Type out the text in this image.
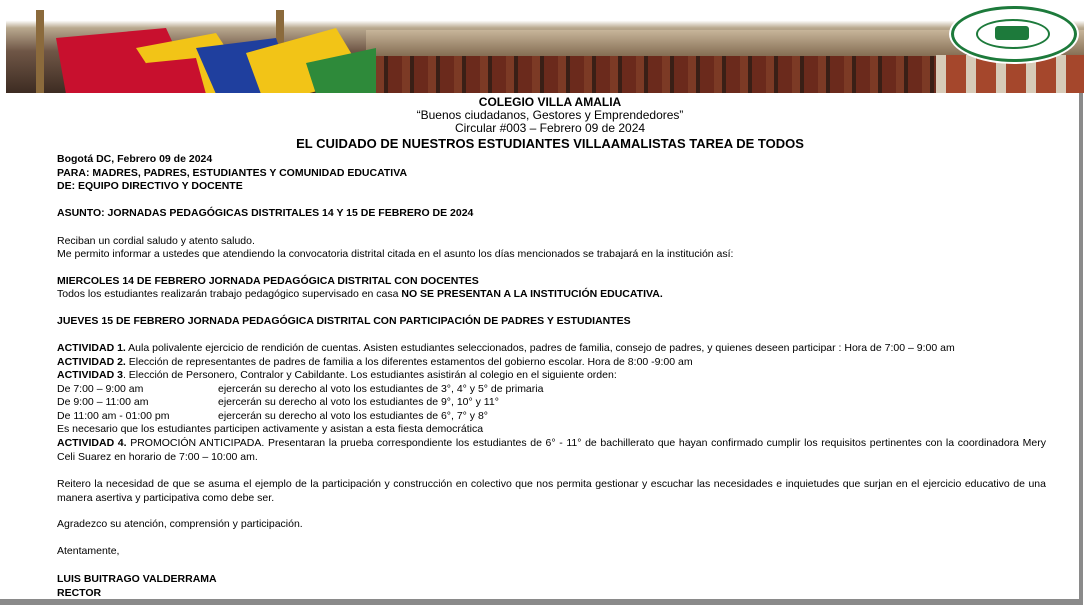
COLEGIO VILLA AMALIA
“Buenos ciudadanos, Gestores y Emprendedores”
Circular #003 – Febrero 09 de 2024
EL CUIDADO DE NUESTROS ESTUDIANTES VILLAAMALISTAS TAREA DE TODOS
Bogotá DC, Febrero 09 de 2024
PARA: MADRES, PADRES, ESTUDIANTES Y COMUNIDAD EDUCATIVA
DE: EQUIPO DIRECTIVO Y DOCENTE
ASUNTO: JORNADAS PEDAGÓGICAS DISTRITALES 14 Y 15 DE FEBRERO DE 2024
Reciban un cordial saludo y atento saludo.
Me permito informar a ustedes que atendiendo la convocatoria distrital citada en el asunto los días mencionados se trabajará en la institución así:
MIERCOLES 14 DE FEBRERO JORNADA PEDAGÓGICA DISTRITAL CON DOCENTES
Todos los estudiantes realizarán trabajo pedagógico supervisado en casa NO SE PRESENTAN A LA INSTITUCIÓN EDUCATIVA.
JUEVES 15 DE FEBRERO JORNADA PEDAGÓGICA DISTRITAL CON PARTICIPACIÓN DE PADRES Y ESTUDIANTES
ACTIVIDAD 1. Aula polivalente ejercicio de rendición de cuentas. Asisten estudiantes seleccionados, padres de familia, consejo de padres, y quienes deseen participar : Hora de 7:00 – 9:00 am
ACTIVIDAD 2. Elección de representantes de padres de familia a los diferentes estamentos del gobierno escolar. Hora de 8:00 -9:00 am
ACTIVIDAD 3. Elección de Personero, Contralor y Cabildante. Los estudiantes asistirán al colegio en el siguiente orden:
De 7:00 – 9:00 am	ejercerán su derecho al voto los estudiantes de 3°, 4° y 5° de primaria
De 9:00 – 11:00 am	ejercerán su derecho al voto los estudiantes de 9°, 10° y 11°
De 11:00 am - 01:00 pm	ejercerán su derecho al voto los estudiantes de 6°, 7° y 8°
Es necesario que los estudiantes participen activamente y asistan a esta fiesta democrática
ACTIVIDAD 4. PROMOCIÓN ANTICIPADA. Presentaran la prueba correspondiente los estudiantes de 6° - 11° de bachillerato que hayan confirmado cumplir los requisitos pertinentes con la coordinadora Mery Celi Suarez en horario de 7:00 – 10:00 am.
Reitero la necesidad de que se asuma el ejemplo de la participación y construcción en colectivo que nos permita gestionar y escuchar las necesidades e inquietudes que surjan en el ejercicio educativo de una manera asertiva y participativa como debe ser.
Agradezco su atención, comprensión y participación.
Atentamente,
LUIS BUITRAGO VALDERRAMA
RECTOR
